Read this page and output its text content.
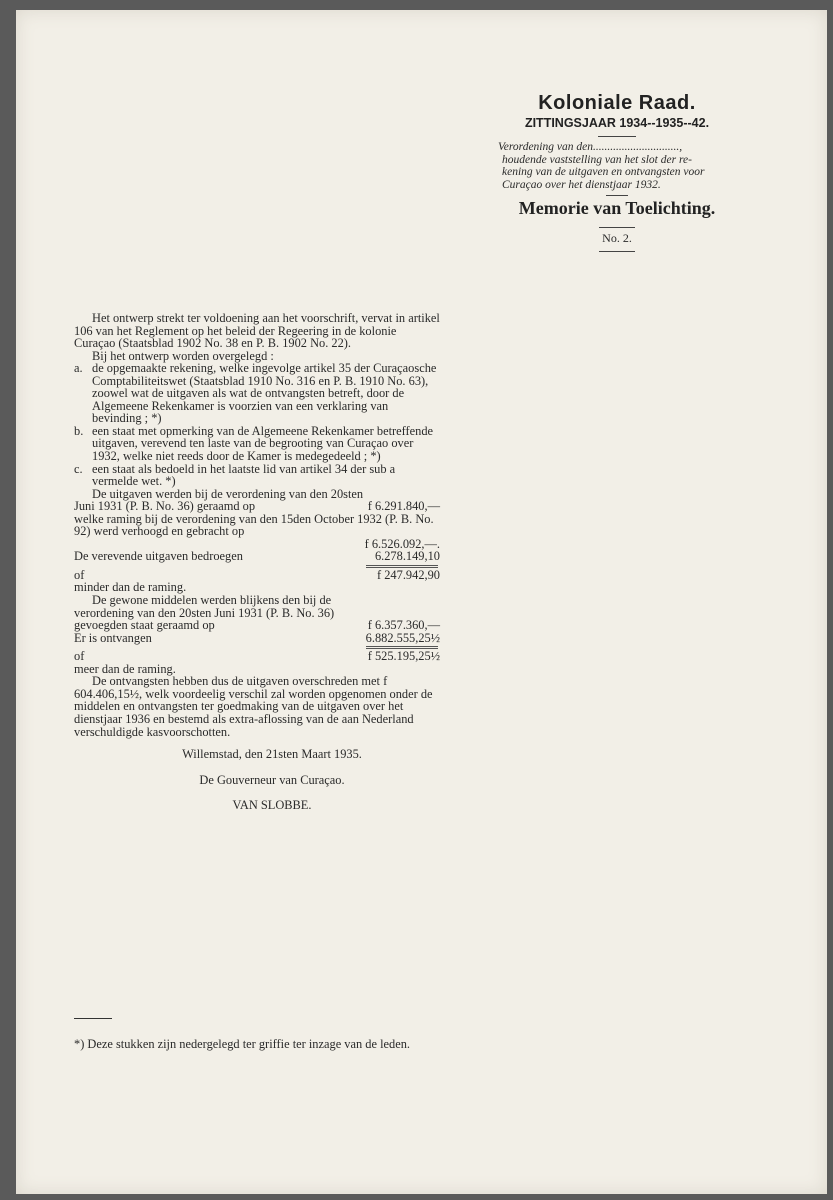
Koloniale Raad.
ZITTINGSJAAR 1934--1935--42.
Verordening van den..............................,
houdende vaststelling van het slot der re-
kening van de uitgaven en ontvangsten voor
Curaçao over het dienstjaar 1932.
Memorie van Toelichting.
No. 2.

Het ontwerp strekt ter voldoening aan het voorschrift, vervat in artikel 106 van het Reglement op het beleid der Regeering in de kolonie Curaçao (Staatsblad 1902 No. 38 en P. B. 1902 No. 22).

Bij het ontwerp worden overgelegd :

a. de opgemaakte rekening, welke ingevolge artikel 35 der Curaçaosche Comptabiliteitswet (Staatsblad 1910 No. 316 en P. B. 1910 No. 63), zoowel wat de uitgaven als wat de ontvangsten betreft, door de Algemeene Rekenkamer is voorzien van een verklaring van bevinding ; *)
b. een staat met opmerking van de Algemeene Rekenkamer betreffende uitgaven, verevend ten laste van de begrooting van Curaçao over 1932, welke niet reeds door de Kamer is medegedeeld ; *)
c. een staat als bedoeld in het laatste lid van artikel 34 der sub a vermelde wet. *)

De uitgaven werden bij de verordening van den 20sten

Juni 1931 (P. B. No. 36) geraamd op	f 6.291.840,—

welke raming bij de verordening van den 15den October 1932 (P. B. No. 92) werd verhoogd en gebracht op

f 6.526.092,—.
De verevende uitgaven bedroegen	6.278.149,10
of	f 247.942,90

minder dan de raming.

De gewone middelen werden blijkens den bij de verordening van den 20sten Juni 1931 (P. B. No. 36) gevoegden staat geraamd op	f 6.357.360,—
Er is ontvangen	6.882.555,25½
of	f 525.195,25½

meer dan de raming.

De ontvangsten hebben dus de uitgaven overschreden met f 604.406,15½, welk voordeelig verschil zal worden opgenomen onder de middelen en ontvangsten ter goedmaking van de uitgaven over het dienstjaar 1936 en bestemd als extra-aflossing van de aan Nederland verschuldigde kasvoorschotten.

Willemstad, den 21sten Maart 1935.

De Gouverneur van Curaçao.

VAN SLOBBE.

*) Deze stukken zijn nedergelegd ter griffie ter inzage van de leden.
